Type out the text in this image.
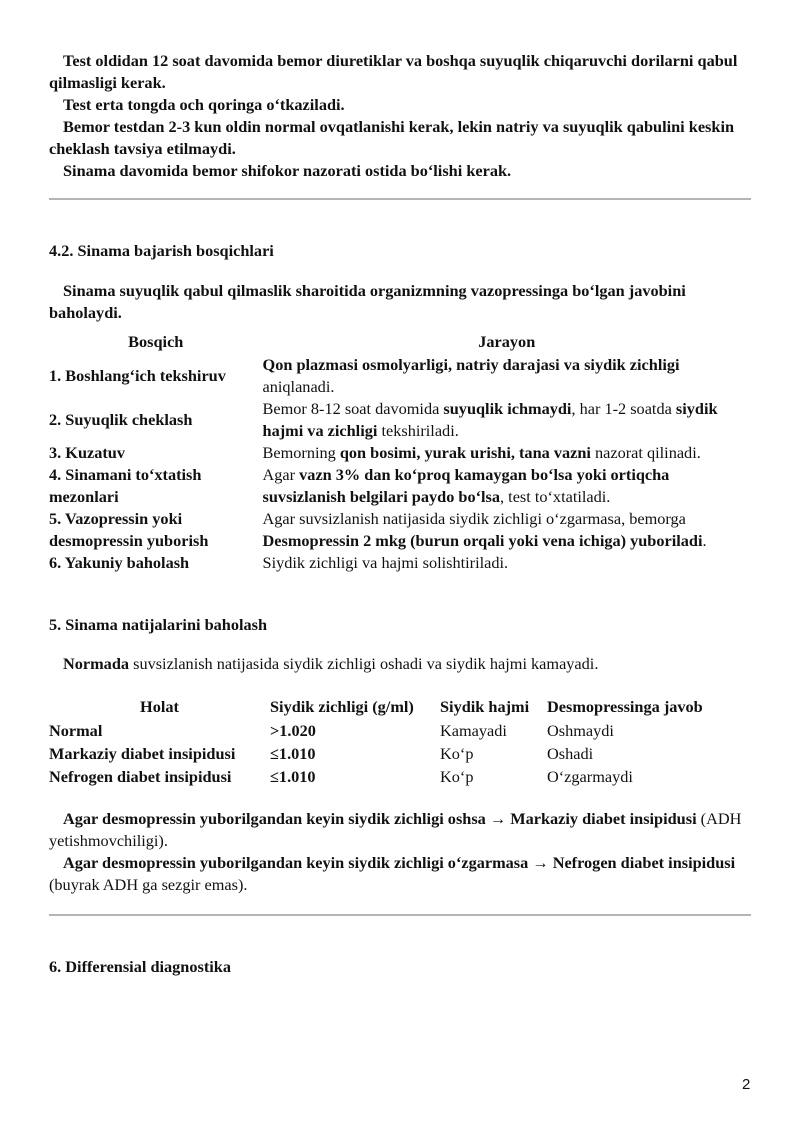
Test oldidan 12 soat davomida bemor diuretiklar va boshqa suyuqlik chiqaruvchi dorilarni qabul qilmasligi kerak.

Test erta tongda och qoringa o‘tkaziladi.

Bemor testdan 2-3 kun oldin normal ovqatlanishi kerak, lekin natriy va suyuqlik qabulini keskin cheklash tavsiya etilmaydi.

Sinama davomida bemor shifokor nazorati ostida bo‘lishi kerak.

4.2. Sinama bajarish bosqichlari

Sinama suyuqlik qabul qilmaslik sharoitida organizmning vazopressinga bo‘lgan javobini baholaydi.

Bosqich	Jarayon
1. Boshlang‘ich tekshiruv	Qon plazmasi osmolyarligi, natriy darajasi va siydik zichligi aniqlanadi.
2. Suyuqlik cheklash	Bemor 8-12 soat davomida suyuqlik ichmaydi, har 1-2 soatda siydik hajmi va zichligi tekshiriladi.
3. Kuzatuv	Bemorning qon bosimi, yurak urishi, tana vazni nazorat qilinadi.
4. Sinamani to‘xtatish mezonlari	Agar vazn 3% dan ko‘proq kamaygan bo‘lsa yoki ortiqcha suvsizlanish belgilari paydo bo‘lsa, test to‘xtatiladi.
5. Vazopressin yoki desmopressin yuborish	Agar suvsizlanish natijasida siydik zichligi o‘zgarmasa, bemorga Desmopressin 2 mkg (burun orqali yoki vena ichiga) yuboriladi.
6. Yakuniy baholash	Siydik zichligi va hajmi solishtiriladi.

5. Sinama natijalarini baholash

Normada suvsizlanish natijasida siydik zichligi oshadi va siydik hajmi kamayadi.

Holat	Siydik zichligi (g/ml)	Siydik hajmi	Desmopressinga javob
Normal	>1.020	Kamayadi	Oshmaydi
Markaziy diabet insipidusi	≤1.010	Ko‘p	Oshadi
Nefrogen diabet insipidusi	≤1.010	Ko‘p	O‘zgarmaydi

Agar desmopressin yuborilgandan keyin siydik zichligi oshsa → Markaziy diabet insipidusi (ADH yetishmovchiligi).

Agar desmopressin yuborilgandan keyin siydik zichligi o‘zgarmasa → Nefrogen diabet insipidusi (buyrak ADH ga sezgir emas).

6. Differensial diagnostika

2
